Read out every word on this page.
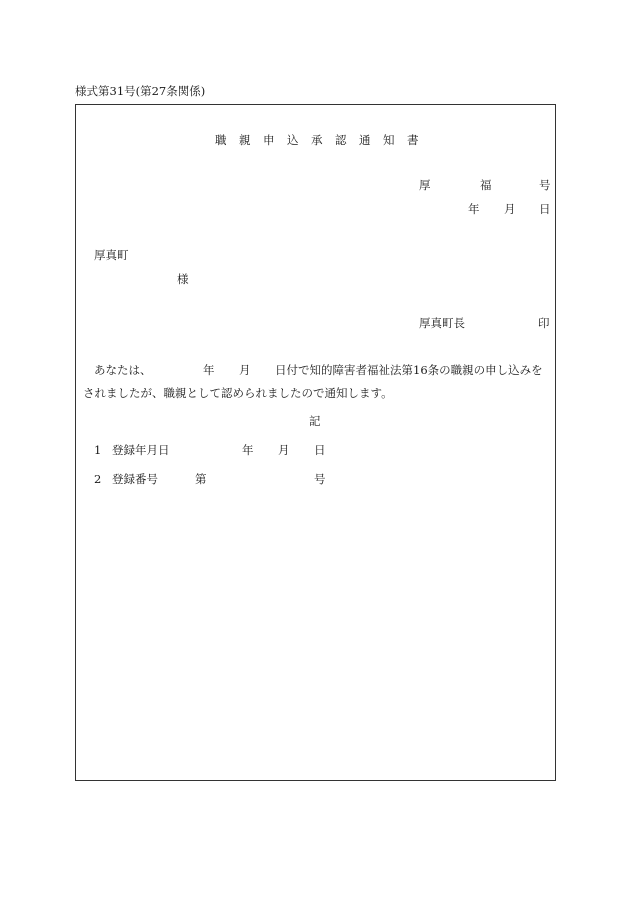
様式第31号(第27条関係)
職 親 申 込 承 認 通 知 書
厚	福	号
年 月 日
厚真町
様
厚真町長	印
あなたは、	年 月 日付で知的障害者福祉法第16条の職親の申し込みを
されましたが、職親として認められましたので通知します。
記
1 登録年月日	年 月 日
2 登録番号	第	号
